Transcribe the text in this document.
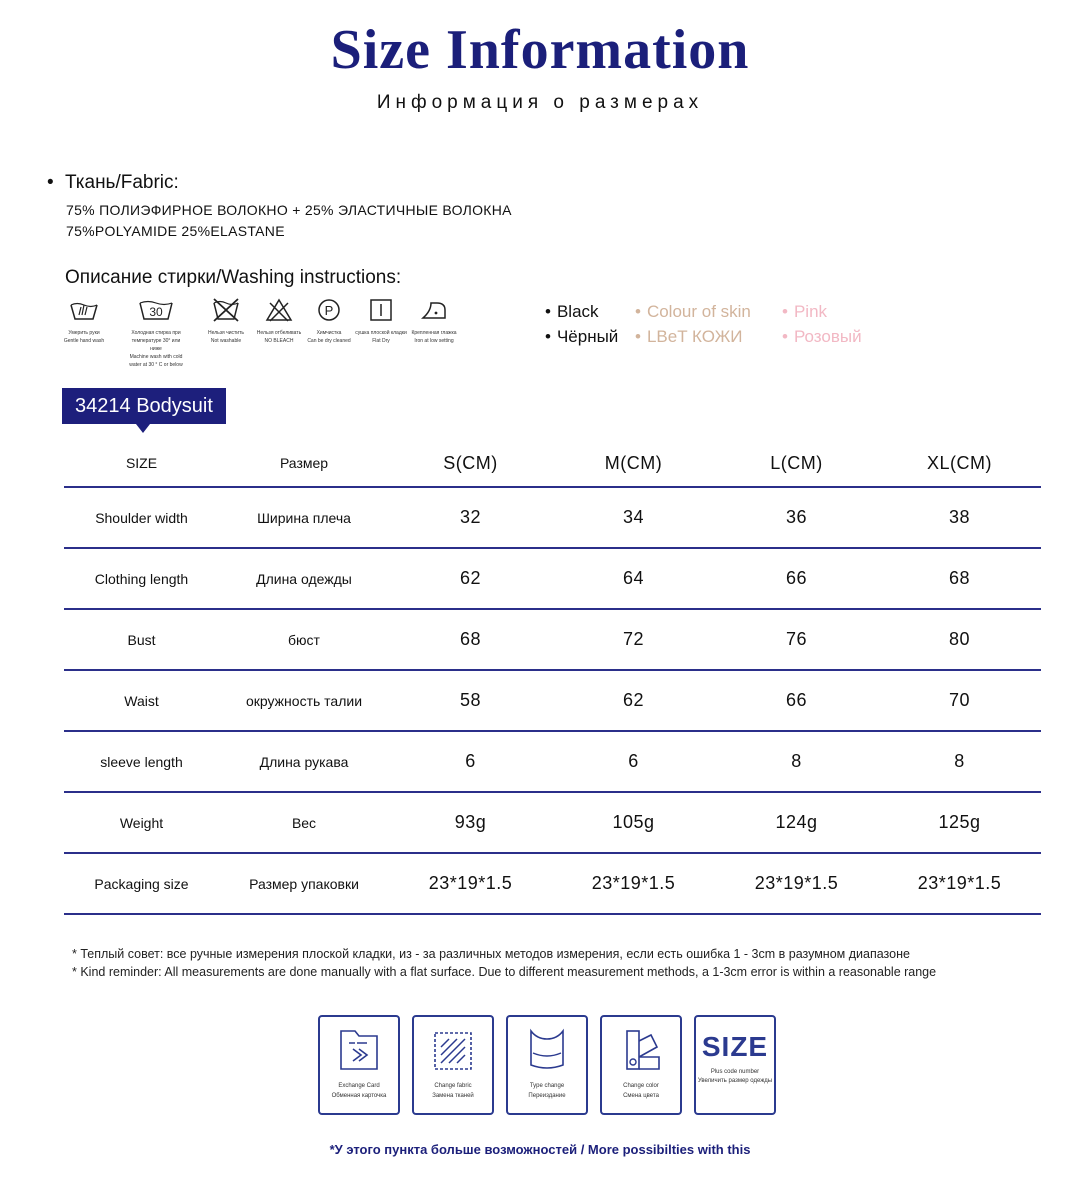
Size Information
Информация о размерах
• Ткань/Fabric:
75% ПОЛИЭФИРНОЕ ВОЛОКНО + 25% ЭЛАСТИЧНЫЕ ВОЛОКНА
75%POLYAMIDE 25%ELASTANE
Описание стирки/Washing instructions:
Умерить руки
Gentle hand wash
30
Холодная стирка при температуре 30° или ниже
Machine wash with cold water at 30 ° C or below
Нельзя чистить
Not washable
Нельзя отбеливать
NO BLEACH
P
Химчистка
Can be dry cleaned
сушка плоской кладки
Flat Dry
Крепленная глажка
Iron at low setting
• Black
• Чёрный
• Colour of skin
• LBeT КОЖИ
• Pink
• Розовый
34214 Bodysuit
SIZE	Размер	S(CM)	M(CM)	L(CM)	XL(CM)
Shoulder width	Ширина плеча	32	34	36	38
Clothing length	Длина одежды	62	64	66	68
Bust	бюст	68	72	76	80
Waist	окружность талии	58	62	66	70
sleeve length	Длина рукава	6	6	8	8
Weight	Вес	93g	105g	124g	125g
Packaging size	Размер упаковки	23*19*1.5	23*19*1.5	23*19*1.5	23*19*1.5
* Теплый совет: все ручные измерения плоской кладки, из - за различных методов измерения, если есть ошибка 1 - 3cm в разумном диапазоне
* Kind reminder: All measurements are done manually with a flat surface. Due to different measurement methods, a 1-3cm error is within a reasonable range
Exchange Card
Обменная карточка
Change fabric
Замена тканей
Type change
Переиздание
Change color
Смена цвета
SIZE
Plus code number
Увеличить размер одежды
*У этого пункта больше возможностей / More possibilties with this
